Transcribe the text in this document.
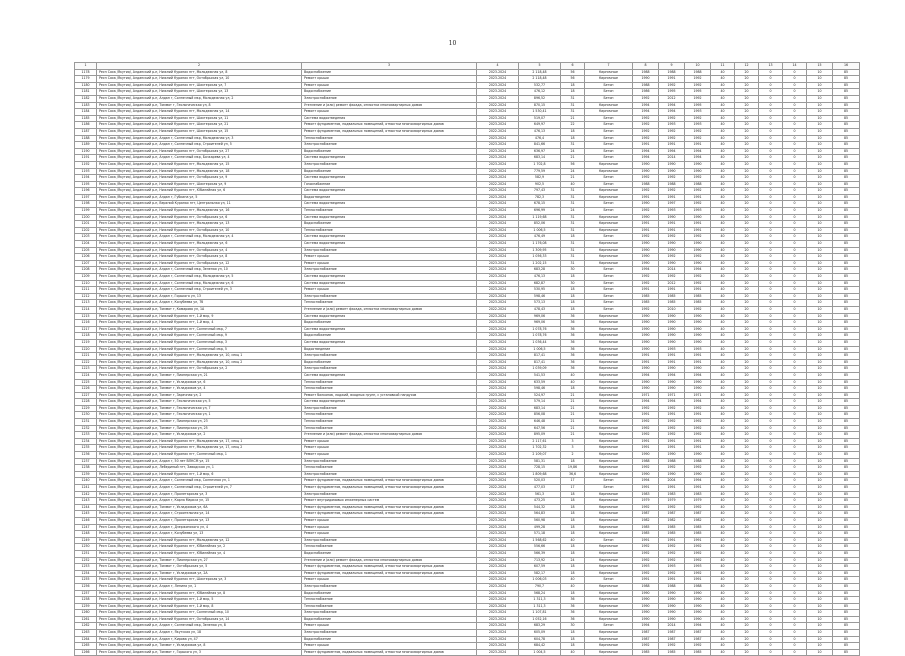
10
1	2	3	4	5	6	7	8	9	10	11	12	13	14	15	16
1178	Респ Саха /Якутия/, Алданский р-н, Нижний Куранах пгт, Молодежная ул, 8	Водоснабжение	2023-2024	2 118,48	56	Кирпичные	1988	1988	1988	40	20	0	0	10	85
1179	Респ Саха /Якутия/, Алданский р-н, Нижний Куранах пгт, Октябрьская ул, 10	Ремонт крыши	2023-2024	2 118,48	56	Кирпичные	1990	1991	1992	40	20	0	0	10	85
1180	Респ Саха /Якутия/, Алданский р-н, Нижний Куранах пгт, Шахтерская ул, 7	Ремонт крыши	2023-2024	532,77	18	Бетон	1988	1992	1992	40	20	0	0	10	85
1181	Респ Саха /Якутия/, Алданский р-н, Нижний Куранах пгт, Шахтерская ул, 13	Водоснабжение	2023-2024	476,12	18	Бетон	1986	1995	1995	40	20	0	0	10	85
1182	Респ Саха /Якутия/, Алданский р-н, Алдан г, Солнечный мкр, Молодежная ул, 2	Электроснабжение	2023-2024	896,52	31	Бетон	1992	2012	1992	40	20	0	0	10	85
1183	Респ Саха /Якутия/, Алданский р-н, Томмот г, Геологическая ул, 8	Утепление и (или) ремонт фасада, отмостки многоквартирных домов	2022-2024	870,15	31	Кирпичные	1994	1994	1995	40	20	0	0	10	85
1184	Респ Саха /Якутия/, Алданский р-н, Нижний Куранах пгт, Молодежная ул, 14	Ремонт крыши	2023-2024	1 530,41	31	Кирпичные	1994	1994	1993	40	20	0	0	10	85
1185	Респ Саха /Якутия/, Алданский р-н, Нижний Куранах пгт, Шахтерская ул, 11	Система водоотведения	2023-2024	519,07	21	Бетон	1992	1992	1992	40	20	0	0	10	85
1186	Респ Саха /Якутия/, Алданский р-н, Нижний Куранах пгт, Шахтерская ул, 21	Ремонт фундаментов, подвальных помещений, отмостки многоквартирных домов	2023-2024	649,97	22	Бетон	1992	1993	1993	40	20	0	0	10	85
1187	Респ Саха /Якутия/, Алданский р-н, Нижний Куранах пгт, Шахтерская ул, 15	Ремонт фундаментов, подвальных помещений, отмостки многоквартирных домов	2022-2024	476,13	18	Бетон	1992	1992	1992	40	20	0	0	10	85
1188	Респ Саха /Якутия/, Алданский р-н, Алдан г, Солнечный мкр, Молодежная ул, 3	Теплоснабжение	2023-2024	476,4	18	Бетон	1992	1992	1992	40	20	0	0	10	85
1189	Респ Саха /Якутия/, Алданский р-н, Алдан г, Солнечный мкр, Строителей ул, 5	Электроснабжение	2023-2024	841,66	31	Бетон	1991	1991	1991	40	20	0	0	10	85
1190	Респ Саха /Якутия/, Алданский р-н, Нижний Куранах пгт, Октябрьская ул, 27	Водоснабжение	2023-2024	636,97	24	Бетон	1994	1994	1994	40	20	0	0	10	85
1191	Респ Саха /Якутия/, Алданский р-н, Алдан г, Солнечный мкр, Бочкарева ул, 4	Система водоотведения	2023-2024	683,14	21	Бетон	1994	2014	1994	40	20	0	0	10	85
1192	Респ Саха /Якутия/, Алданский р-н, Нижний Куранах пгт, Молодежная ул, 15	Электроснабжение	2023-2024	1 702,8	56	Кирпичные	1990	1990	1990	40	20	0	0	10	85
1193	Респ Саха /Якутия/, Алданский р-н, Нижний Куранах пгт, Молодежная ул, 18	Водоснабжение	2022-2024	779,59	24	Кирпичные	1990	1990	1990	40	20	0	0	10	85
1194	Респ Саха /Якутия/, Алданский р-н, Нижний Куранах пгт, Октябрьская ул, 9	Система водоотведения	2023-2024	582,9	21	Бетон	1992	1992	1992	40	20	0	0	10	85
1195	Респ Саха /Якутия/, Алданский р-н, Нижний Куранах пгт, Шахтерская ул, 9	Газоснабжение	2022-2024	902,5	40	Бетон	1988	1988	1988	40	20	0	0	10	85
1196	Респ Саха /Якутия/, Алданский р-н, Нижний Куранах пгт, Юбилейная ул, 6	Система водоотведения	2023-2024	797,43	31	Кирпичные	1992	1992	1992	40	20	0	0	10	85
1197	Респ Саха /Якутия/, Алданский р-н, Алдан г, Губкина ул, 5	Водоотведение	2023-2024	782,3	31	Кирпичные	1991	1991	1991	40	20	0	0	10	85
1198	Респ Саха /Якутия/, Алданский р-н, Верхний Куранах пгт, Центральная ул, 11	Система водоотведения	2023-2024	678,15	31	Бетон	1990	1997	1992	40	20	0	0	10	85
1199	Респ Саха /Якутия/, Алданский р-н, Нижний Куранах пгт, Молодежная ул, 16	Теплоснабжение	2023-2024	696,99	24	Бетон	1992	1993	1993	40	20	0	0	10	85
1200	Респ Саха /Якутия/, Алданский р-н, Нижний Куранах пгт, Октябрьская ул, 6	Система водоотведения	2023-2024	1 119,68	31	Кирпичные	1990	1990	1990	40	20	0	0	10	85
1201	Респ Саха /Якутия/, Алданский р-н, Нижний Куранах пгт, Молодежная ул, 13	Водоснабжение	2023-2024	852,06	31	Кирпичные	1991	1991	1991	40	20	0	0	10	85
1202	Респ Саха /Якутия/, Алданский р-н, Нижний Куранах пгт, Октябрьская ул, 10	Теплоснабжение	2023-2024	1 006,5	31	Кирпичные	1991	1991	1991	40	20	0	0	10	85
1203	Респ Саха /Якутия/, Алданский р-н, Алдан г, Солнечный мкр, Молодежная ул, 4	Система водоотведения	2023-2024	476,49	18	Бетон	1992	1992	1992	40	20	0	0	10	85
1204	Респ Саха /Якутия/, Алданский р-н, Нижний Куранах пгт, Молодежная ул, 6	Система водоотведения	2023-2024	1 176,08	31	Кирпичные	1990	1990	1990	40	20	0	0	10	85
1205	Респ Саха /Якутия/, Алданский р-н, Нижний Куранах пгт, Октябрьская ул, 4	Электроснабжение	2023-2024	1 309,95	31	Кирпичные	1990	1990	1990	40	20	0	0	10	85
1206	Респ Саха /Якутия/, Алданский р-н, Нижний Куранах пгт, Октябрьская ул, 8	Ремонт крыши	2023-2024	1 056,33	31	Кирпичные	1990	1992	1992	40	20	0	0	10	85
1207	Респ Саха /Якутия/, Алданский р-н, Нижний Куранах пгт, Октябрьская ул, 12	Ремонт крыши	2023-2024	1 202,15	31	Кирпичные	1990	1990	1990	40	20	0	0	10	85
1208	Респ Саха /Якутия/, Алданский р-н, Алдан г, Солнечный мкр, Зеленая ул, 10	Электроснабжение	2023-2024	683,28	30	Бетон	1994	2014	1994	40	20	0	0	10	85
1209	Респ Саха /Якутия/, Алданский р-н, Алдан г, Солнечный мкр, Молодежная ул, 5	Система водоотведения	2023-2024	476,13	18	Бетон	1992	1992	1992	40	20	0	0	10	85
1210	Респ Саха /Якутия/, Алданский р-н, Алдан г, Солнечный мкр, Молодежная ул, 6	Система водоотведения	2023-2024	682,87	30	Бетон	1992	2012	1992	40	20	0	0	10	85
1211	Респ Саха /Якутия/, Алданский р-н, Алдан г, Солнечный мкр, Строителей ул, 3	Ремонт крыши	2023-2024	530,95	18	Бетон	1991	1991	1991	40	20	0	0	10	85
1212	Респ Саха /Якутия/, Алданский р-н, Алдан г, Горького ул, 13	Электроснабжение	2023-2024	598,46	18	Бетон	1985	1985	1985	40	20	0	0	10	85
1213	Респ Саха /Якутия/, Алданский р-н, Алдан г, Кочубеева ул, 7б	Теплоснабжение	2023-2024	573,13	18	Бетон	1985	1985	1985	40	20	0	0	10	85
1214	Респ Саха /Якутия/, Алданский р-н, Томмот г, Комарова ул, 1А	Утепление и (или) ремонт фасада, отмостки многоквартирных домов	2022-2024	478,43	18	Бетон	1992	2010	1992	40	20	0	0	10	85
1215	Респ Саха /Якутия/, Алданский р-н, Нижний Куранах пгт, 1-й мкр, 9	Система водоотведения	2023-2024	969,06	36	Кирпичные	1990	1990	1990	40	20	0	0	10	85
1216	Респ Саха /Якутия/, Алданский р-н, Нижний Куранах пгт, 1-й мкр, 4	Водоснабжение	2023-2024	969,06	36	Кирпичные	1990	1990	1990	40	20	0	0	10	85
1217	Респ Саха /Якутия/, Алданский р-н, Нижний Куранах пгт, Солнечный мкр, 7	Система водоотведения	2023-2024	1 078,76	36	Кирпичные	1990	1990	1990	40	20	0	0	10	85
1218	Респ Саха /Якутия/, Алданский р-н, Нижний Куранах пгт, Солнечный мкр, 9	Водоснабжение	2023-2024	1 078,76	36	Кирпичные	1990	1990	1990	40	20	0	0	10	85
1219	Респ Саха /Якутия/, Алданский р-н, Нижний Куранах пгт, Солнечный мкр, 3	Система водоотведения	2023-2024	1 036,44	36	Кирпичные	1990	1990	1990	40	20	0	0	10	85
1220	Респ Саха /Якутия/, Алданский р-н, Нижний Куранах пгт, Солнечный мкр, 5	Водоотведение	2023-2024	1 006,5	36	Кирпичные	1990	1993	1993	40	20	0	0	10	85
1221	Респ Саха /Якутия/, Алданский р-н, Нижний Куранах пгт, Молодежная ул, 10, секц 1	Электроснабжение	2023-2024	817,41	36	Кирпичные	1991	1991	1991	40	20	0	0	10	85
1222	Респ Саха /Якутия/, Алданский р-н, Нижний Куранах пгт, Молодежная ул, 10, секц 2	Водоснабжение	2023-2024	817,41	36	Кирпичные	1991	1991	1991	40	20	0	0	10	85
1223	Респ Саха /Якутия/, Алданский р-н, Нижний Куранах пгт, Октябрьская ул, 2	Электроснабжение	2023-2024	1 039,09	36	Кирпичные	1990	1990	1990	40	20	0	0	10	85
1224	Респ Саха /Якутия/, Алданский р-н, Томмот г, Пионерская ул, 21	Система водоотведения	2023-2024	541,53	40	Кирпичные	1994	1994	1994	40	20	0	0	10	85
1225	Респ Саха /Якутия/, Алданский р-н, Томмот г, Укладчиков ул, 6	Теплоснабжение	2023-2024	633,59	40	Кирпичные	1990	1990	1990	40	20	0	0	10	85
1226	Респ Саха /Якутия/, Алданский р-н, Томмот г, Укладчиков ул, 4	Теплоснабжение	2023-2024	598,46	18	Кирпичные	1990	1990	1990	40	20	0	0	10	85
1227	Респ Саха /Якутия/, Алданский р-н, Томмот г, Заречная ул, 2	Ремонт балконов, лоджий, входных групп, с установкой пандусов	2023-2024	524,97	21	Кирпичные	1971	1971	1971	40	20	0	0	10	85
1228	Респ Саха /Якутия/, Алданский р-н, Томмот г, Геологическая ул, 5	Система водоотведения	2023-2024	579,14	21	Кирпичные	1994	1994	1994	40	20	0	0	10	85
1229	Респ Саха /Якутия/, Алданский р-н, Томмот г, Геологическая ул, 7	Электроснабжение	2022-2024	683,14	21	Кирпичные	1992	1992	1992	40	20	0	0	10	85
1230	Респ Саха /Якутия/, Алданский р-н, Томмот г, Геологическая ул, 1	Теплоснабжение	2022-2024	856,08	21	Кирпичные	1991	1991	1991	40	20	0	0	10	85
1231	Респ Саха /Якутия/, Алданский р-н, Томмот г, Пионерская ул, 23	Теплоснабжение	2023-2024	646,48	21	Кирпичные	1992	1992	1992	40	20	0	0	10	85
1232	Респ Саха /Якутия/, Алданский р-н, Томмот г, Пионерская ул, 25	Теплоснабжение	2022-2024	647,56	21	Кирпичные	1992	1992	1992	40	20	0	0	10	85
1233	Респ Саха /Якутия/, Алданский р-н, Томмот г, Укладчиков ул, 2	Утепление и (или) ремонт фасада, отмостки многоквартирных домов	2023-2024	895,09	21	Кирпичные	1992	1992	1992	40	20	0	0	10	85
1234	Респ Саха /Якутия/, Алданский р-н, Нижний Куранах пгт, Молодежная ул, 17, секц 1	Ремонт крыши	2023-2024	2 117,61	3	Кирпичные	1991	1991	1991	40	20	0	0	10	85
1235	Респ Саха /Якутия/, Алданский р-н, Нижний Куранах пгт, Молодежная ул, 17, секц 2	Ремонт крыши	2023-2024	1 702,32	3	Кирпичные	1991	1991	1991	40	20	0	0	10	85
1236	Респ Саха /Якутия/, Алданский р-н, Нижний Куранах пгт, Солнечный мкр, 1	Ремонт крыши	2023-2024	2 109,07	2	Кирпичные	1990	1990	1990	40	20	0	0	10	85
1237	Респ Саха /Якутия/, Алданский р-н, Алдан г, 50 лет ВЛКСМ ул, 15	Электроснабжение	2023-2024	581,31	18	Кирпичные	1988	1988	1988	40	20	0	0	10	85
1238	Респ Саха /Якутия/, Алданский р-н, Лебединый пгт, Заводская ул, 1	Теплоснабжение	2023-2024	728,15	19,86	Кирпичные	1992	1992	1992	40	20	0	0	10	85
1239	Респ Саха /Якутия/, Алданский р-н, Нижний Куранах пгт, 1-й мкр, 6	Электроснабжение	2023-2024	1 809,68	36,6	Кирпичные	1990	1990	1990	40	20	0	0	10	85
1240	Респ Саха /Якутия/, Алданский р-н, Алдан г, Солнечный мкр, Солнечная ул, 1	Ремонт фундаментов, подвальных помещений, отмостки многоквартирных домов	2023-2024	520,03	17	Бетон	1994	2004	1994	40	20	0	0	10	85
1241	Респ Саха /Якутия/, Алданский р-н, Алдан г, Солнечный мкр, Строителей ул, 7	Ремонт фундаментов, подвальных помещений, отмостки многоквартирных домов	2022-2024	477,03	17	Бетон	1991	1991	1991	40	20	0	0	10	85
1242	Респ Саха /Якутия/, Алданский р-н, Алдан г, Пролетарская ул, 3	Электроснабжение	2022-2024	561,3	18	Кирпичные	1983	1983	1983	40	20	0	0	10	85
1243	Респ Саха /Якутия/, Алданский р-н, Алдан г, Карла Маркса ул, 15	Ремонт внутридомовых инженерных систем	2023-2024	473,25	18	Кирпичные	1979	1979	1979	40	20	0	0	10	85
1244	Респ Саха /Якутия/, Алданский р-н, Томмот г, Укладчиков ул, 6А	Ремонт фундаментов, подвальных помещений, отмостки многоквартирных домов	2022-2024	544,32	18	Кирпичные	1992	1992	1992	40	20	0	0	10	85
1245	Респ Саха /Якутия/, Алданский р-н, Алдан г, Строительная ул, 14	Ремонт фундаментов, подвальных помещений, отмостки многоквартирных домов	2023-2024	564,83	18	Кирпичные	1987	1987	1987	40	20	0	0	10	85
1246	Респ Саха /Якутия/, Алданский р-н, Алдан г, Пролетарская ул, 13	Ремонт крыши	2023-2024	560,98	18	Кирпичные	1982	1982	1982	40	20	0	0	10	85
1247	Респ Саха /Якутия/, Алданский р-н, Алдан г, Дзержинского ул, 4	Ремонт крыши	2023-2024	499,28	18	Кирпичные	1985	1985	1985	40	20	0	0	10	85
1248	Респ Саха /Якутия/, Алданский р-н, Алдан г, Кочубеева ул, 13	Ремонт крыши	2023-2024	571,18	18	Кирпичные	1985	1985	1985	40	20	0	0	10	85
1249	Респ Саха /Якутия/, Алданский р-н, Нижний Куранах пгт, Молодежная ул, 12	Электроснабжение	2023-2024	1 568,62	40	Бетон	1991	1991	1991	40	20	0	0	10	85
1250	Респ Саха /Якутия/, Алданский р-н, Нижний Куранах пгт, Юбилейная ул, 2	Теплоснабжение	2023-2024	556,66	18	Кирпичные	1992	1992	1992	40	20	0	0	10	85
1251	Респ Саха /Якутия/, Алданский р-н, Нижний Куранах пгт, Юбилейная ул, 4	Водоснабжение	2023-2024	566,39	18	Кирпичные	1992	1992	1992	40	20	0	0	10	85
1252	Респ Саха /Якутия/, Алданский р-н, Томмот г, Пионерская ул, 27	Утепление и (или) ремонт фасада, отмостки многоквартирных домов	2023-2024	713,92	24	Кирпичные	1992	1992	1992	40	20	0	0	10	85
1253	Респ Саха /Якутия/, Алданский р-н, Томмот г, Октябрьская ул, 5	Ремонт фундаментов, подвальных помещений, отмостки многоквартирных домов	2023-2024	607,59	18	Кирпичные	1993	1993	1993	40	20	0	0	10	85
1254	Респ Саха /Якутия/, Алданский р-н, Томмот г, Укладчиков ул, 2А	Ремонт фундаментов, подвальных помещений, отмостки многоквартирных домов	2023-2024	582,17	18	Кирпичные	1992	1992	1992	40	20	0	0	10	85
1255	Респ Саха /Якутия/, Алданский р-н, Нижний Куранах пгт, Шахтерская ул, 3	Ремонт крыши	2023-2024	1 006,03	40	Бетон	1991	1991	1991	40	20	0	0	10	85
1256	Респ Саха /Якутия/, Алданский р-н, Алдан г, Ленина ул, 1	Электроснабжение	2023-2024	790,7	40	Кирпичные	1988	1988	1988	40	20	0	0	10	85
1257	Респ Саха /Якутия/, Алданский р-н, Нижний Куранах пгт, Юбилейная ул, 8	Водоснабжение	2023-2024	568,24	18	Кирпичные	1990	1990	1990	40	20	0	0	10	85
1258	Респ Саха /Якутия/, Алданский р-н, Нижний Куранах пгт, 1-й мкр, 5	Теплоснабжение	2023-2024	1 311,3	36	Кирпичные	1990	1990	1990	40	20	0	0	10	85
1259	Респ Саха /Якутия/, Алданский р-н, Нижний Куранах пгт, 1-й мкр, 8	Теплоснабжение	2023-2024	1 311,3	36	Кирпичные	1990	1990	1990	40	20	0	0	10	85
1260	Респ Саха /Якутия/, Алданский р-н, Нижний Куранах пгт, Солнечный мкр, 10	Электроснабжение	2023-2024	1 107,81	36	Кирпичные	1990	1990	1990	40	20	0	0	10	85
1261	Респ Саха /Якутия/, Алданский р-н, Нижний Куранах пгт, Октябрьская ул, 14	Водоснабжение	2023-2024	1 052,16	36	Кирпичные	1990	1990	1990	40	20	0	0	10	85
1262	Респ Саха /Якутия/, Алданский р-н, Алдан г, Солнечный мкр, Зеленая ул, 8	Ремонт крыши	2023-2024	683,29	30	Бетон	1994	2014	1994	40	20	0	0	10	85
1263	Респ Саха /Якутия/, Алданский р-н, Алдан г, Якутская ул, 18	Электроснабжение	2023-2024	605,09	18	Кирпичные	1987	1987	1987	40	20	0	0	10	85
1264	Респ Саха /Якутия/, Алданский р-н, Алдан г, Кирова ул, 47	Водоснабжение	2023-2024	604,78	18	Кирпичные	1987	1987	1987	40	20	0	0	10	85
1265	Респ Саха /Якутия/, Алданский р-н, Томмот г, Укладчиков ул, 8	Ремонт крыши	2023-2024	684,42	18	Кирпичные	1992	1992	1992	40	20	0	0	10	85
1266	Респ Саха /Якутия/, Алданский р-н, Томмот г, Горького ул, 3	Ремонт фундаментов, подвальных помещений, отмостки многоквартирных домов	2023-2024	1 004,5	40	Кирпичные	1985	1985	1985	40	20	0	0	10	85
